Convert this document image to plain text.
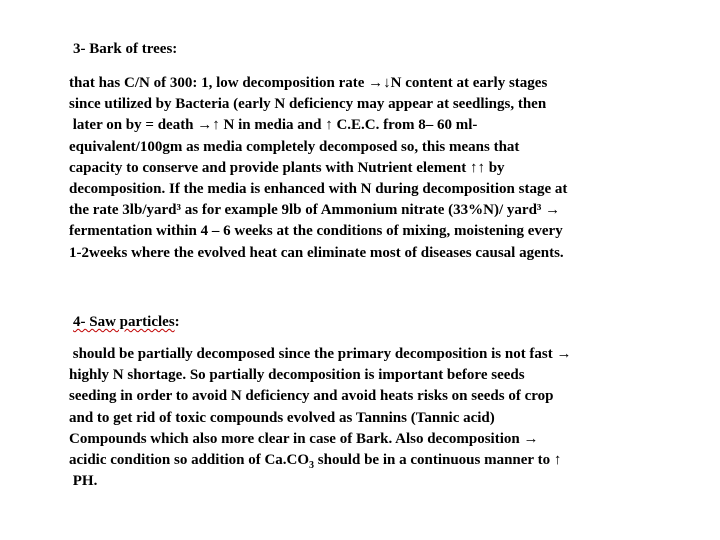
3- Bark of trees:
that has C/N of 300: 1, low decomposition rate →↓N content at early stages
since utilized by Bacteria (early N deficiency may appear at seedlings, then
later on by = death →↑ N in media and ↑ C.E.C. from 8– 60 ml-
equivalent/100gm as media completely decomposed so, this means that
capacity to conserve and provide plants with Nutrient element ↑↑ by
decomposition. If the media is enhanced with N during decomposition stage at
the rate 3lb/yard³ as for example 9lb of Ammonium nitrate (33%N)/ yard³ →
fermentation within 4 – 6 weeks at the conditions of mixing, moistening every
1-2weeks where the evolved heat can eliminate most of diseases causal agents.
4- Saw particles:
should be partially decomposed since the primary decomposition is not fast →
highly N shortage. So partially decomposition is important before seeds
seeding in order to avoid N deficiency and avoid heats risks on seeds of crop
and to get rid of toxic compounds evolved as Tannins (Tannic acid)
Compounds which also more clear in case of Bark. Also decomposition →
acidic condition so addition of $Ca.CO_3$ should be in a continuous manner to ↑
PH.
